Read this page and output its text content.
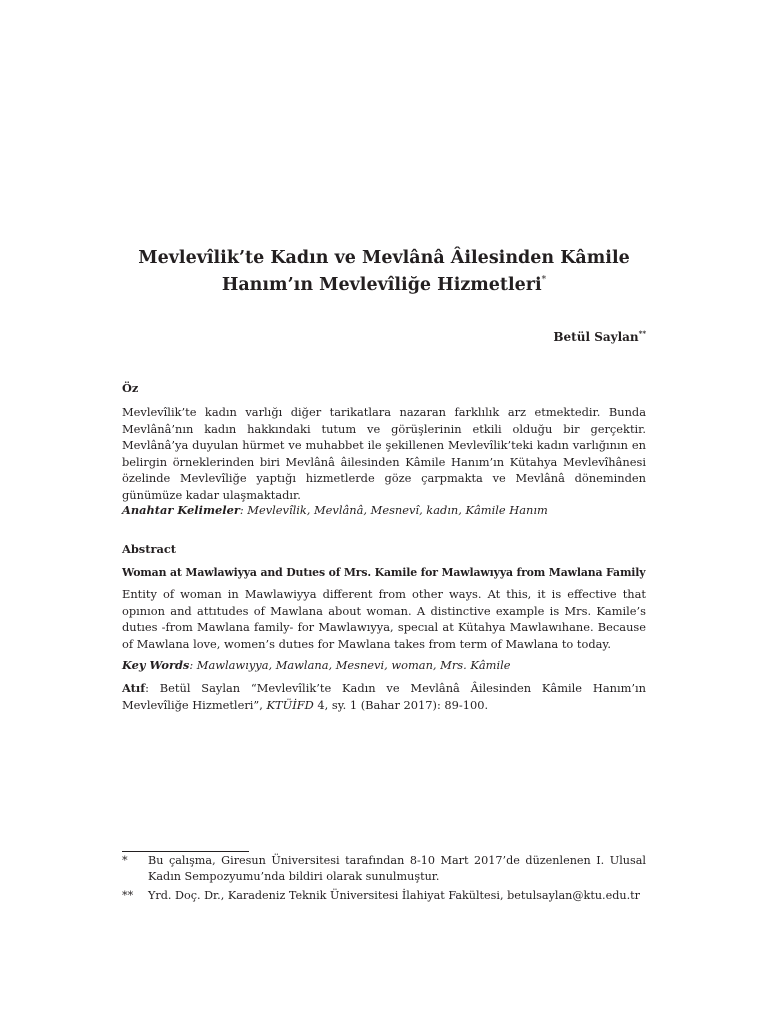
Mevlevîlik’te Kadın ve Mevlânâ Âilesinden Kâmile
Hanım’ın Mevlevîliğe Hizmetleri*
Betül Saylan**
Öz
Mevlevîlik’te kadın varlığı diğer tarikatlara nazaran farklılık arz etmektedir. Bunda Mevlânâ’nın kadın hakkındaki tutum ve görüşlerinin etkili olduğu bir gerçektir. Mevlânâ’ya duyulan hürmet ve muhabbet ile şekillenen Mevlevîlik’teki kadın varlığının en belirgin örneklerinden biri Mevlânâ âilesinden Kâmile Hanım’ın Kütahya Mevlevîhânesi özelinde Mevlevîliğe yaptığı hizmetlerde göze çarpmakta ve Mevlânâ döneminden günümüze kadar ulaşmaktadır.
Anahtar Kelimeler: Mevlevîlik, Mevlânâ, Mesnevî, kadın, Kâmile Hanım
Abstract
Woman at Mawlawiyya and Dutıes of Mrs. Kamile for Mawlawıyya from Mawlana Family
Entity of woman in Mawlawiyya different from other ways. At this, it is effective that opınıon and attıtudes of Mawlana about woman. A distinctive example is Mrs. Kamile’s dutıes -from Mawlana family- for Mawlawıyya, specıal at Kütahya Mawlawıhane. Because of Mawlana love, women’s dutıes for Mawlana takes from term of Mawlana to today.
Key Words: Mawlawıyya, Mawlana, Mesnevi, woman, Mrs. Kâmile
Atıf: Betül Saylan “Mevlevîlik’te Kadın ve Mevlânâ Âilesinden Kâmile Hanım’ın Mevlevîliğe Hizmetleri”, KTÜİFD 4, sy. 1 (Bahar 2017): 89-100.
* Bu çalışma, Giresun Üniversitesi tarafından 8-10 Mart 2017’de düzenlenen I. Ulusal Kadın Sempozyumu’nda bildiri olarak sunulmuştur.
** Yrd. Doç. Dr., Karadeniz Teknik Üniversitesi İlahiyat Fakültesi, betulsaylan@ktu.edu.tr
